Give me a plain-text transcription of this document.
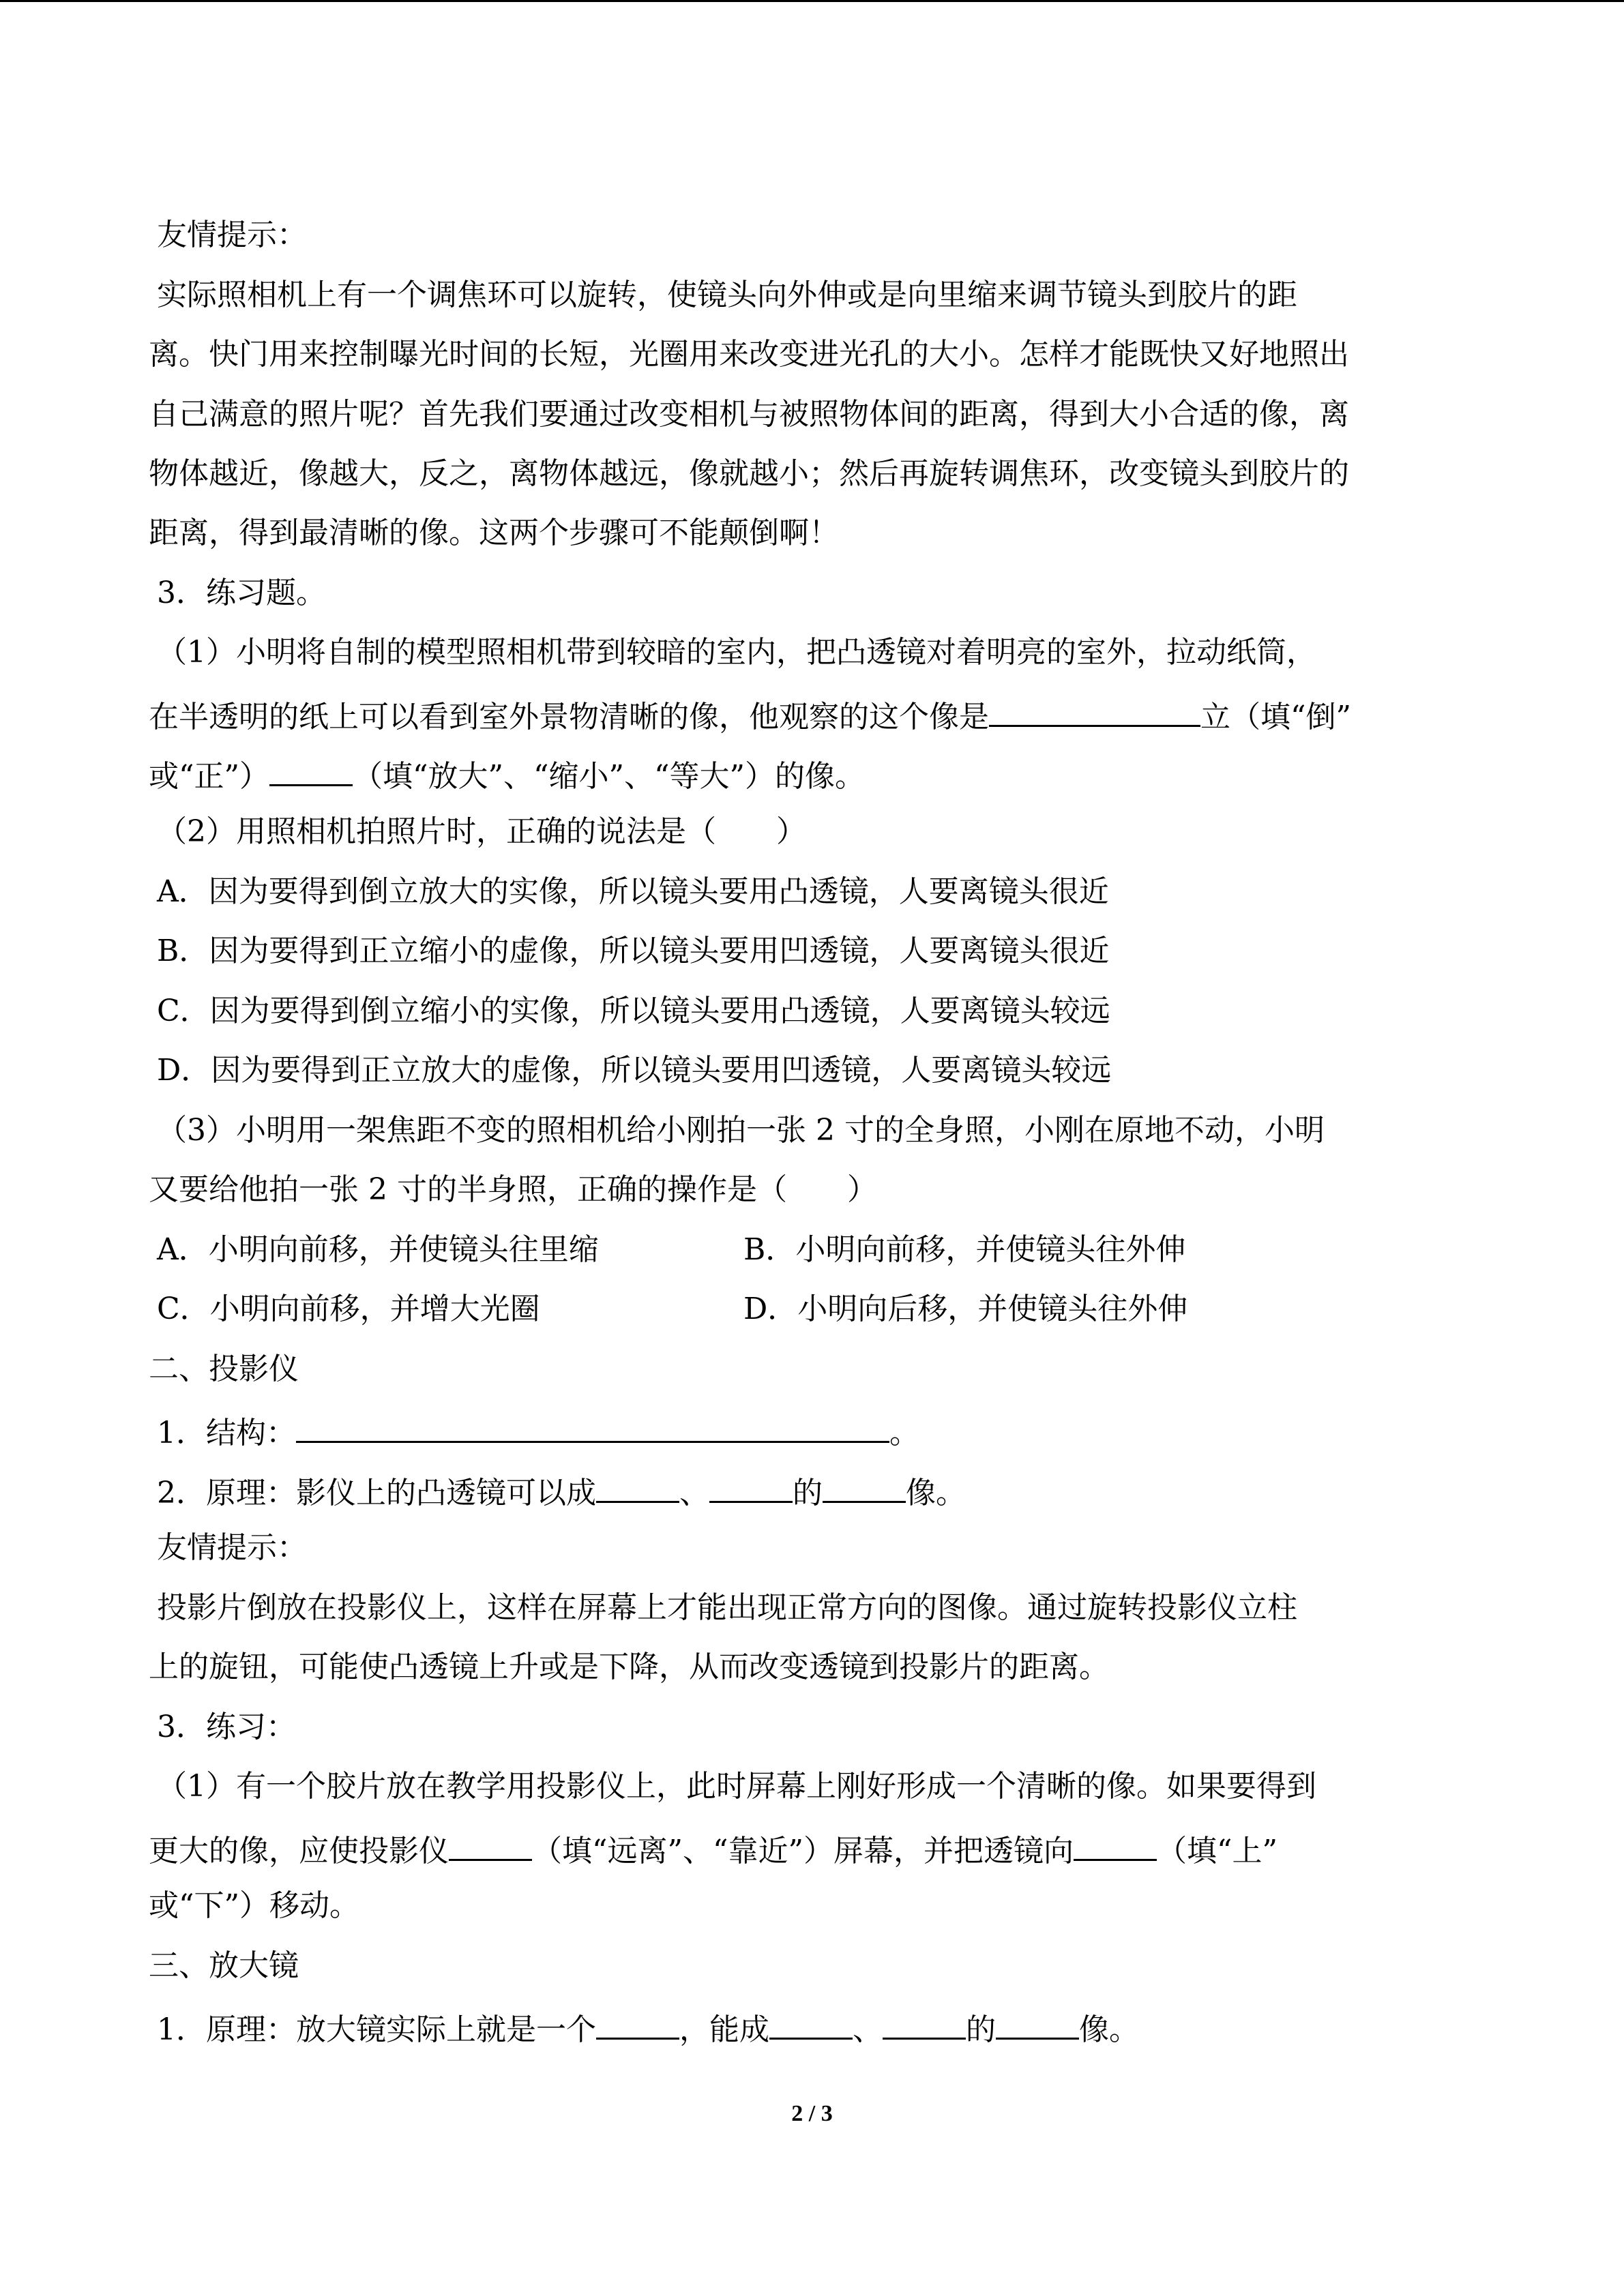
友情提示：
实际照相机上有一个调焦环可以旋转，使镜头向外伸或是向里缩来调节镜头到胶片的距
离。快门用来控制曝光时间的长短，光圈用来改变进光孔的大小。怎样才能既快又好地照出
自己满意的照片呢？首先我们要通过改变相机与被照物体间的距离，得到大小合适的像，离
物体越近，像越大，反之，离物体越远，像就越小；然后再旋转调焦环，改变镜头到胶片的
距离，得到最清晰的像。这两个步骤可不能颠倒啊！
3．练习题。
（1）小明将自制的模型照相机带到较暗的室内，把凸透镜对着明亮的室外，拉动纸筒，
在半透明的纸上可以看到室外景物清晰的像，他观察的这个像是	立（填“倒”
或“正”）	（填“放大”、“缩小”、“等大”）的像。
（2）用照相机拍照片时，正确的说法是（　　）
A．因为要得到倒立放大的实像，所以镜头要用凸透镜，人要离镜头很近
B．因为要得到正立缩小的虚像，所以镜头要用凹透镜，人要离镜头很近
C．因为要得到倒立缩小的实像，所以镜头要用凸透镜，人要离镜头较远
D．因为要得到正立放大的虚像，所以镜头要用凹透镜，人要离镜头较远
（3）小明用一架焦距不变的照相机给小刚拍一张 2 寸的全身照，小刚在原地不动，小明
又要给他拍一张 2 寸的半身照，正确的操作是（　　）
A．小明向前移，并使镜头往里缩	B．小明向前移，并使镜头往外伸
C．小明向前移，并增大光圈	D．小明向后移，并使镜头往外伸
二、投影仪
1．结构：	。
2．原理：影仪上的凸透镜可以成	、	的	像。
友情提示：
投影片倒放在投影仪上，这样在屏幕上才能出现正常方向的图像。通过旋转投影仪立柱
上的旋钮，可能使凸透镜上升或是下降，从而改变透镜到投影片的距离。
3．练习：
（1）有一个胶片放在教学用投影仪上，此时屏幕上刚好形成一个清晰的像。如果要得到
更大的像，应使投影仪	（填“远离”、“靠近”）屏幕，并把透镜向	（填“上”
或“下”）移动。
三、放大镜
1．原理：放大镜实际上就是一个	，能成	、	的	像。
2 / 3
